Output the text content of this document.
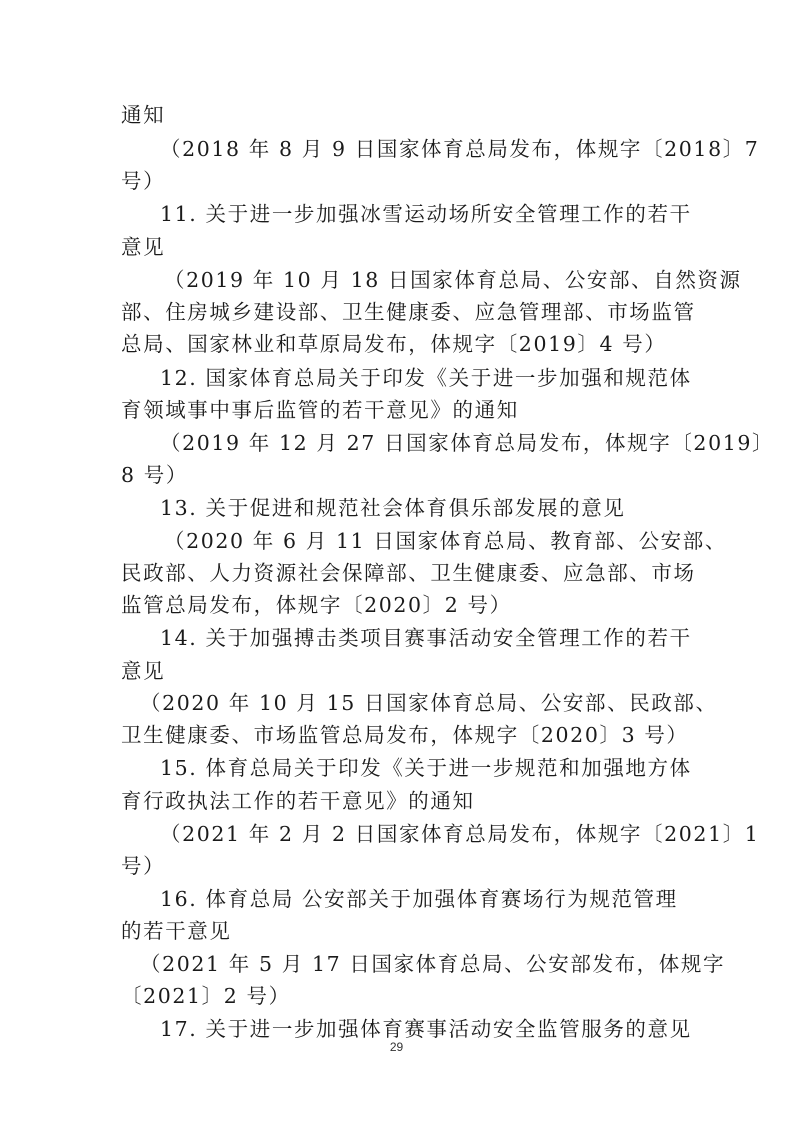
通知
（2018 年 8 月 9 日国家体育总局发布，体规字〔2018〕7
号）
11. 关于进一步加强冰雪运动场所安全管理工作的若干
意见
（2019 年 10 月 18 日国家体育总局、公安部、自然资源
部、住房城乡建设部、卫生健康委、应急管理部、市场监管
总局、国家林业和草原局发布，体规字〔2019〕4 号）
12. 国家体育总局关于印发《关于进一步加强和规范体
育领域事中事后监管的若干意见》的通知
（2019 年 12 月 27 日国家体育总局发布，体规字〔2019〕
8 号）
13. 关于促进和规范社会体育俱乐部发展的意见
（2020 年 6 月 11 日国家体育总局、教育部、公安部、
民政部、人力资源社会保障部、卫生健康委、应急部、市场
监管总局发布，体规字〔2020〕2 号）
14. 关于加强搏击类项目赛事活动安全管理工作的若干
意见
（2020 年 10 月 15 日国家体育总局、公安部、民政部、
卫生健康委、市场监管总局发布，体规字〔2020〕3 号）
15. 体育总局关于印发《关于进一步规范和加强地方体
育行政执法工作的若干意见》的通知
（2021 年 2 月 2 日国家体育总局发布，体规字〔2021〕1
号）
16. 体育总局 公安部关于加强体育赛场行为规范管理
的若干意见
（2021 年 5 月 17 日国家体育总局、公安部发布，体规字
〔2021〕2 号）
17. 关于进一步加强体育赛事活动安全监管服务的意见
29
